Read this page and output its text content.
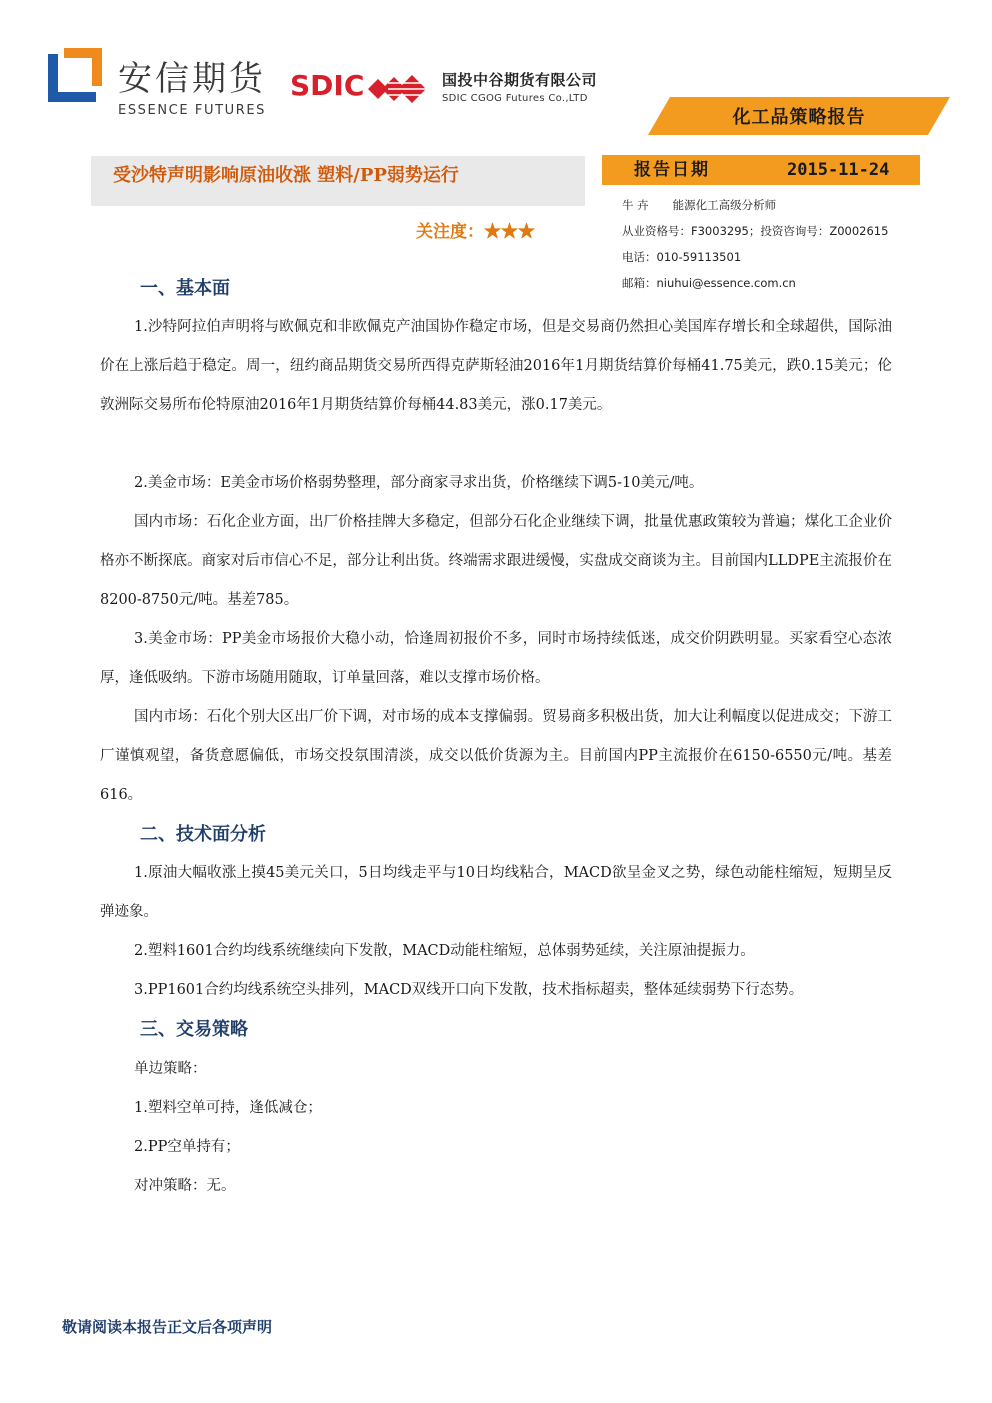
安信期货
ESSENCE FUTURES
SDIC	国投中谷期货有限公司
SDIC CGOG Futures Co.,LTD
化工品策略报告
受沙特声明影响原油收涨 塑料/PP弱势运行
关注度：★★★
报告日期	2015-11-24
牛 卉 能源化工高级分析师
从业资格号：F3003295；投资咨询号：Z0002615
电话：010-59113501
邮箱：niuhui@essence.com.cn
一、基本面

1.沙特阿拉伯声明将与欧佩克和非欧佩克产油国协作稳定市场，但是交易商仍然担心美国库存增长和全球超供，国际油价在上涨后趋于稳定。周一，纽约商品期货交易所西得克萨斯轻油2016年1月期货结算价每桶41.75美元，跌0.15美元；伦敦洲际交易所布伦特原油2016年1月期货结算价每桶44.83美元，涨0.17美元。

2.美金市场：E美金市场价格弱势整理，部分商家寻求出货，价格继续下调5-10美元/吨。

国内市场：石化企业方面，出厂价格挂牌大多稳定，但部分石化企业继续下调，批量优惠政策较为普遍；煤化工企业价格亦不断探底。商家对后市信心不足，部分让利出货。终端需求跟进缓慢，实盘成交商谈为主。目前国内LLDPE主流报价在8200-8750元/吨。基差785。

3.美金市场：PP美金市场报价大稳小动，恰逢周初报价不多，同时市场持续低迷，成交价阴跌明显。买家看空心态浓厚，逢低吸纳。下游市场随用随取，订单量回落，难以支撑市场价格。

国内市场：石化个别大区出厂价下调，对市场的成本支撑偏弱。贸易商多积极出货，加大让利幅度以促进成交；下游工厂谨慎观望，备货意愿偏低，市场交投氛围清淡，成交以低价货源为主。目前国内PP主流报价在6150-6550元/吨。基差616。

二、技术面分析

1.原油大幅收涨上摸45美元关口，5日均线走平与10日均线粘合，MACD欲呈金叉之势，绿色动能柱缩短，短期呈反弹迹象。

2.塑料1601合约均线系统继续向下发散，MACD动能柱缩短，总体弱势延续，关注原油提振力。

3.PP1601合约均线系统空头排列，MACD双线开口向下发散，技术指标超卖，整体延续弱势下行态势。

三、交易策略
单边策略：
1.塑料空单可持，逢低减仓；
2.PP空单持有；
对冲策略：无。
敬请阅读本报告正文后各项声明
